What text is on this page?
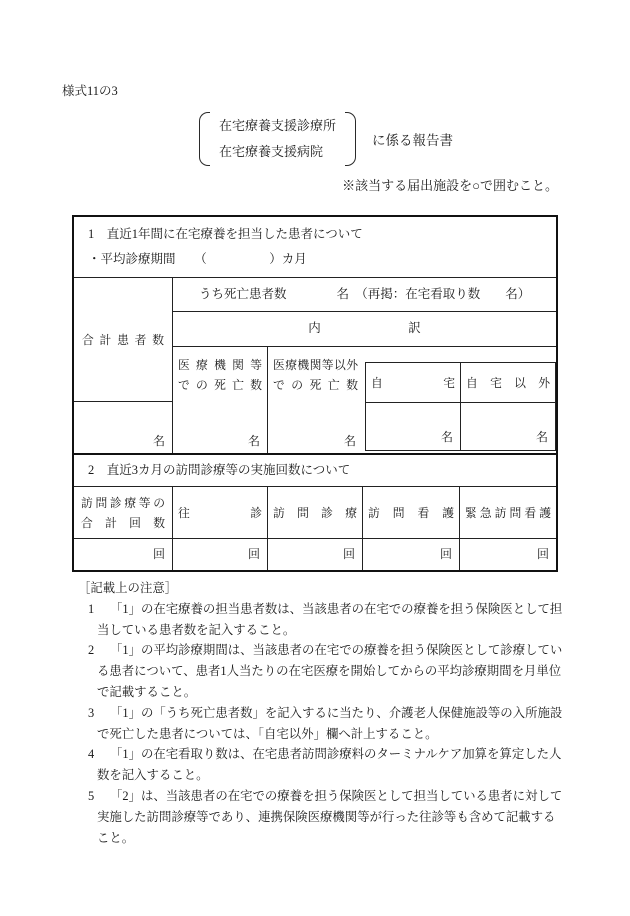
様式11の3
在宅療養支援診療所
在宅療養支援病院
に係る報告書
※該当する届出施設を○で囲むこと。
1　直近1年間に在宅療養を担当した患者について
・平均診療期間　　（　　　　　）カ月
合計患者数
うち死亡患者数　　　　名　（再掲：在宅看取り数　　名）
内　　　　　　　訳
医療機関等
での死亡数
医療機関等以外
での死亡数
名	名	名
自宅 自宅以外
名	名
2　直近3カ月の訪問診療等の実施回数について
訪問診療等の
合計回数
往診 訪問診療 訪問看護 緊急訪問看護
回	回	回	回	回
［記載上の注意］
1	「1」の在宅療養の担当患者数は、当該患者の在宅での療養を担う保険医として担
当している患者数を記入すること。
2	「1」の平均診療期間は、当該患者の在宅での療養を担う保険医として診療してい
る患者について、患者1人当たりの在宅医療を開始してからの平均診療期間を月単位
で記載すること。
3	「1」の「うち死亡患者数」を記入するに当たり、介護老人保健施設等の入所施設
で死亡した患者については、「自宅以外」欄へ計上すること。
4	「1」の在宅看取り数は、在宅患者訪問診療料のターミナルケア加算を算定した人
数を記入すること。
5	「2」は、当該患者の在宅での療養を担う保険医として担当している患者に対して
実施した訪問診療等であり、連携保険医療機関等が行った往診等も含めて記載する
こと。
